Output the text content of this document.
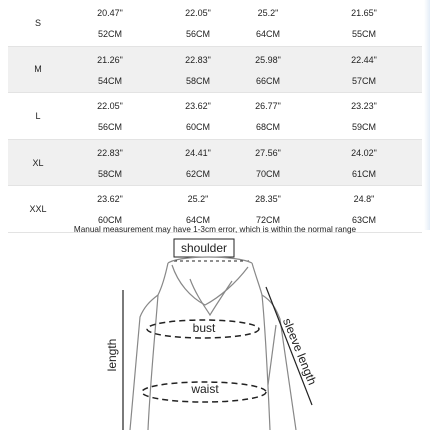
S
20.47"	22.05"	25.2"	21.65"
52CM	56CM	64CM	55CM
M
21.26"	22.83"	25.98"	22.44"
54CM	58CM	66CM	57CM
L
22.05"	23.62"	26.77"	23.23"
56CM	60CM	68CM	59CM
XL
22.83"	24.41"	27.56"	24.02"
58CM	62CM	70CM	61CM
XXL
23.62"	25.2"	28.35"	24.8"
60CM	64CM	72CM	63CM
Manual measurement may have 1-3cm error, which is within the normal range
shoulder
length	sleeve length
bust
waist
